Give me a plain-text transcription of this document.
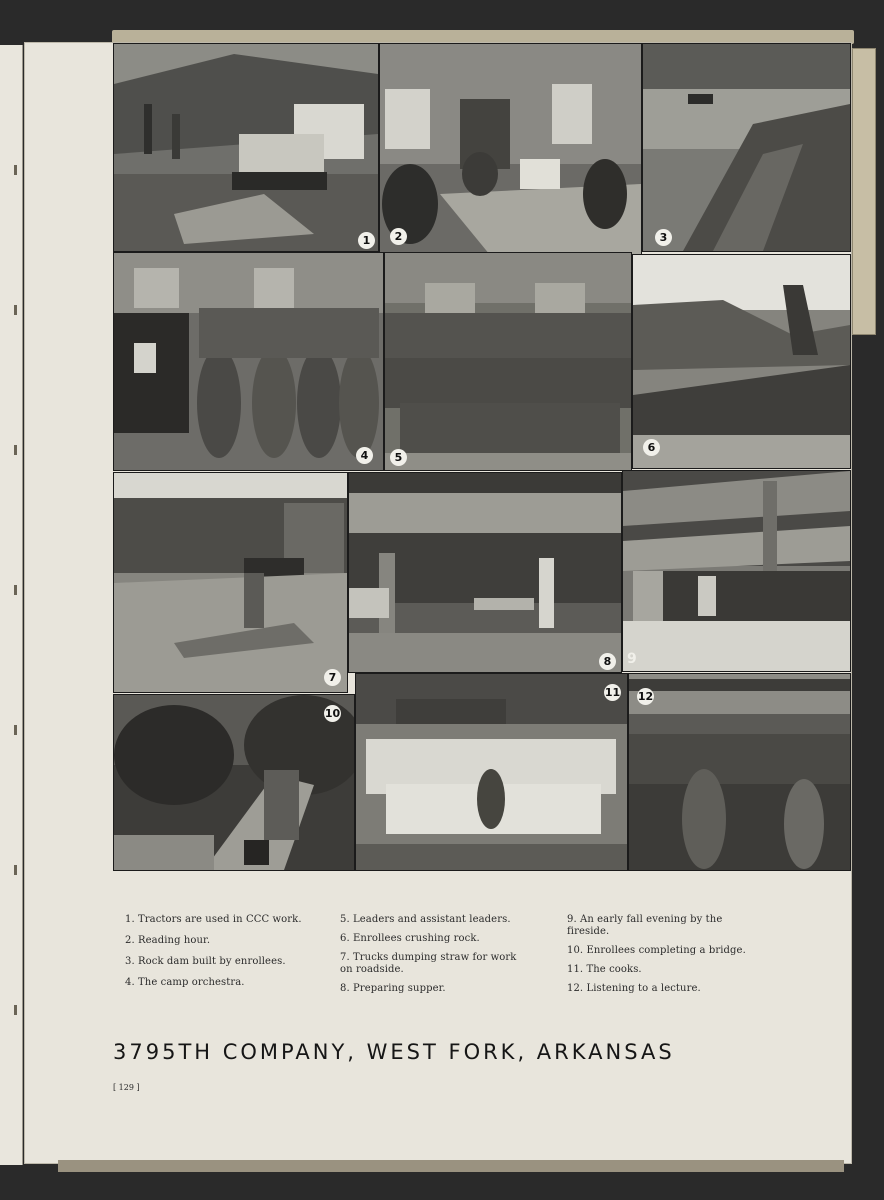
1	2	3
4	5
6
7
8	9
10
11 12

1. Tractors are used in CCC work.

2. Reading hour.

3. Rock dam built by enrollees.

4. The camp orchestra.

5. Leaders and assistant leaders.

6. Enrollees crushing rock.

7. Trucks dumping straw for work on roadside.

8. Preparing supper.

9. An early fall evening by the fireside.

10. Enrollees completing a bridge.

11. The cooks.

12. Listening to a lecture.

3795TH COMPANY, WEST FORK, ARKANSAS
[ 129 ]
